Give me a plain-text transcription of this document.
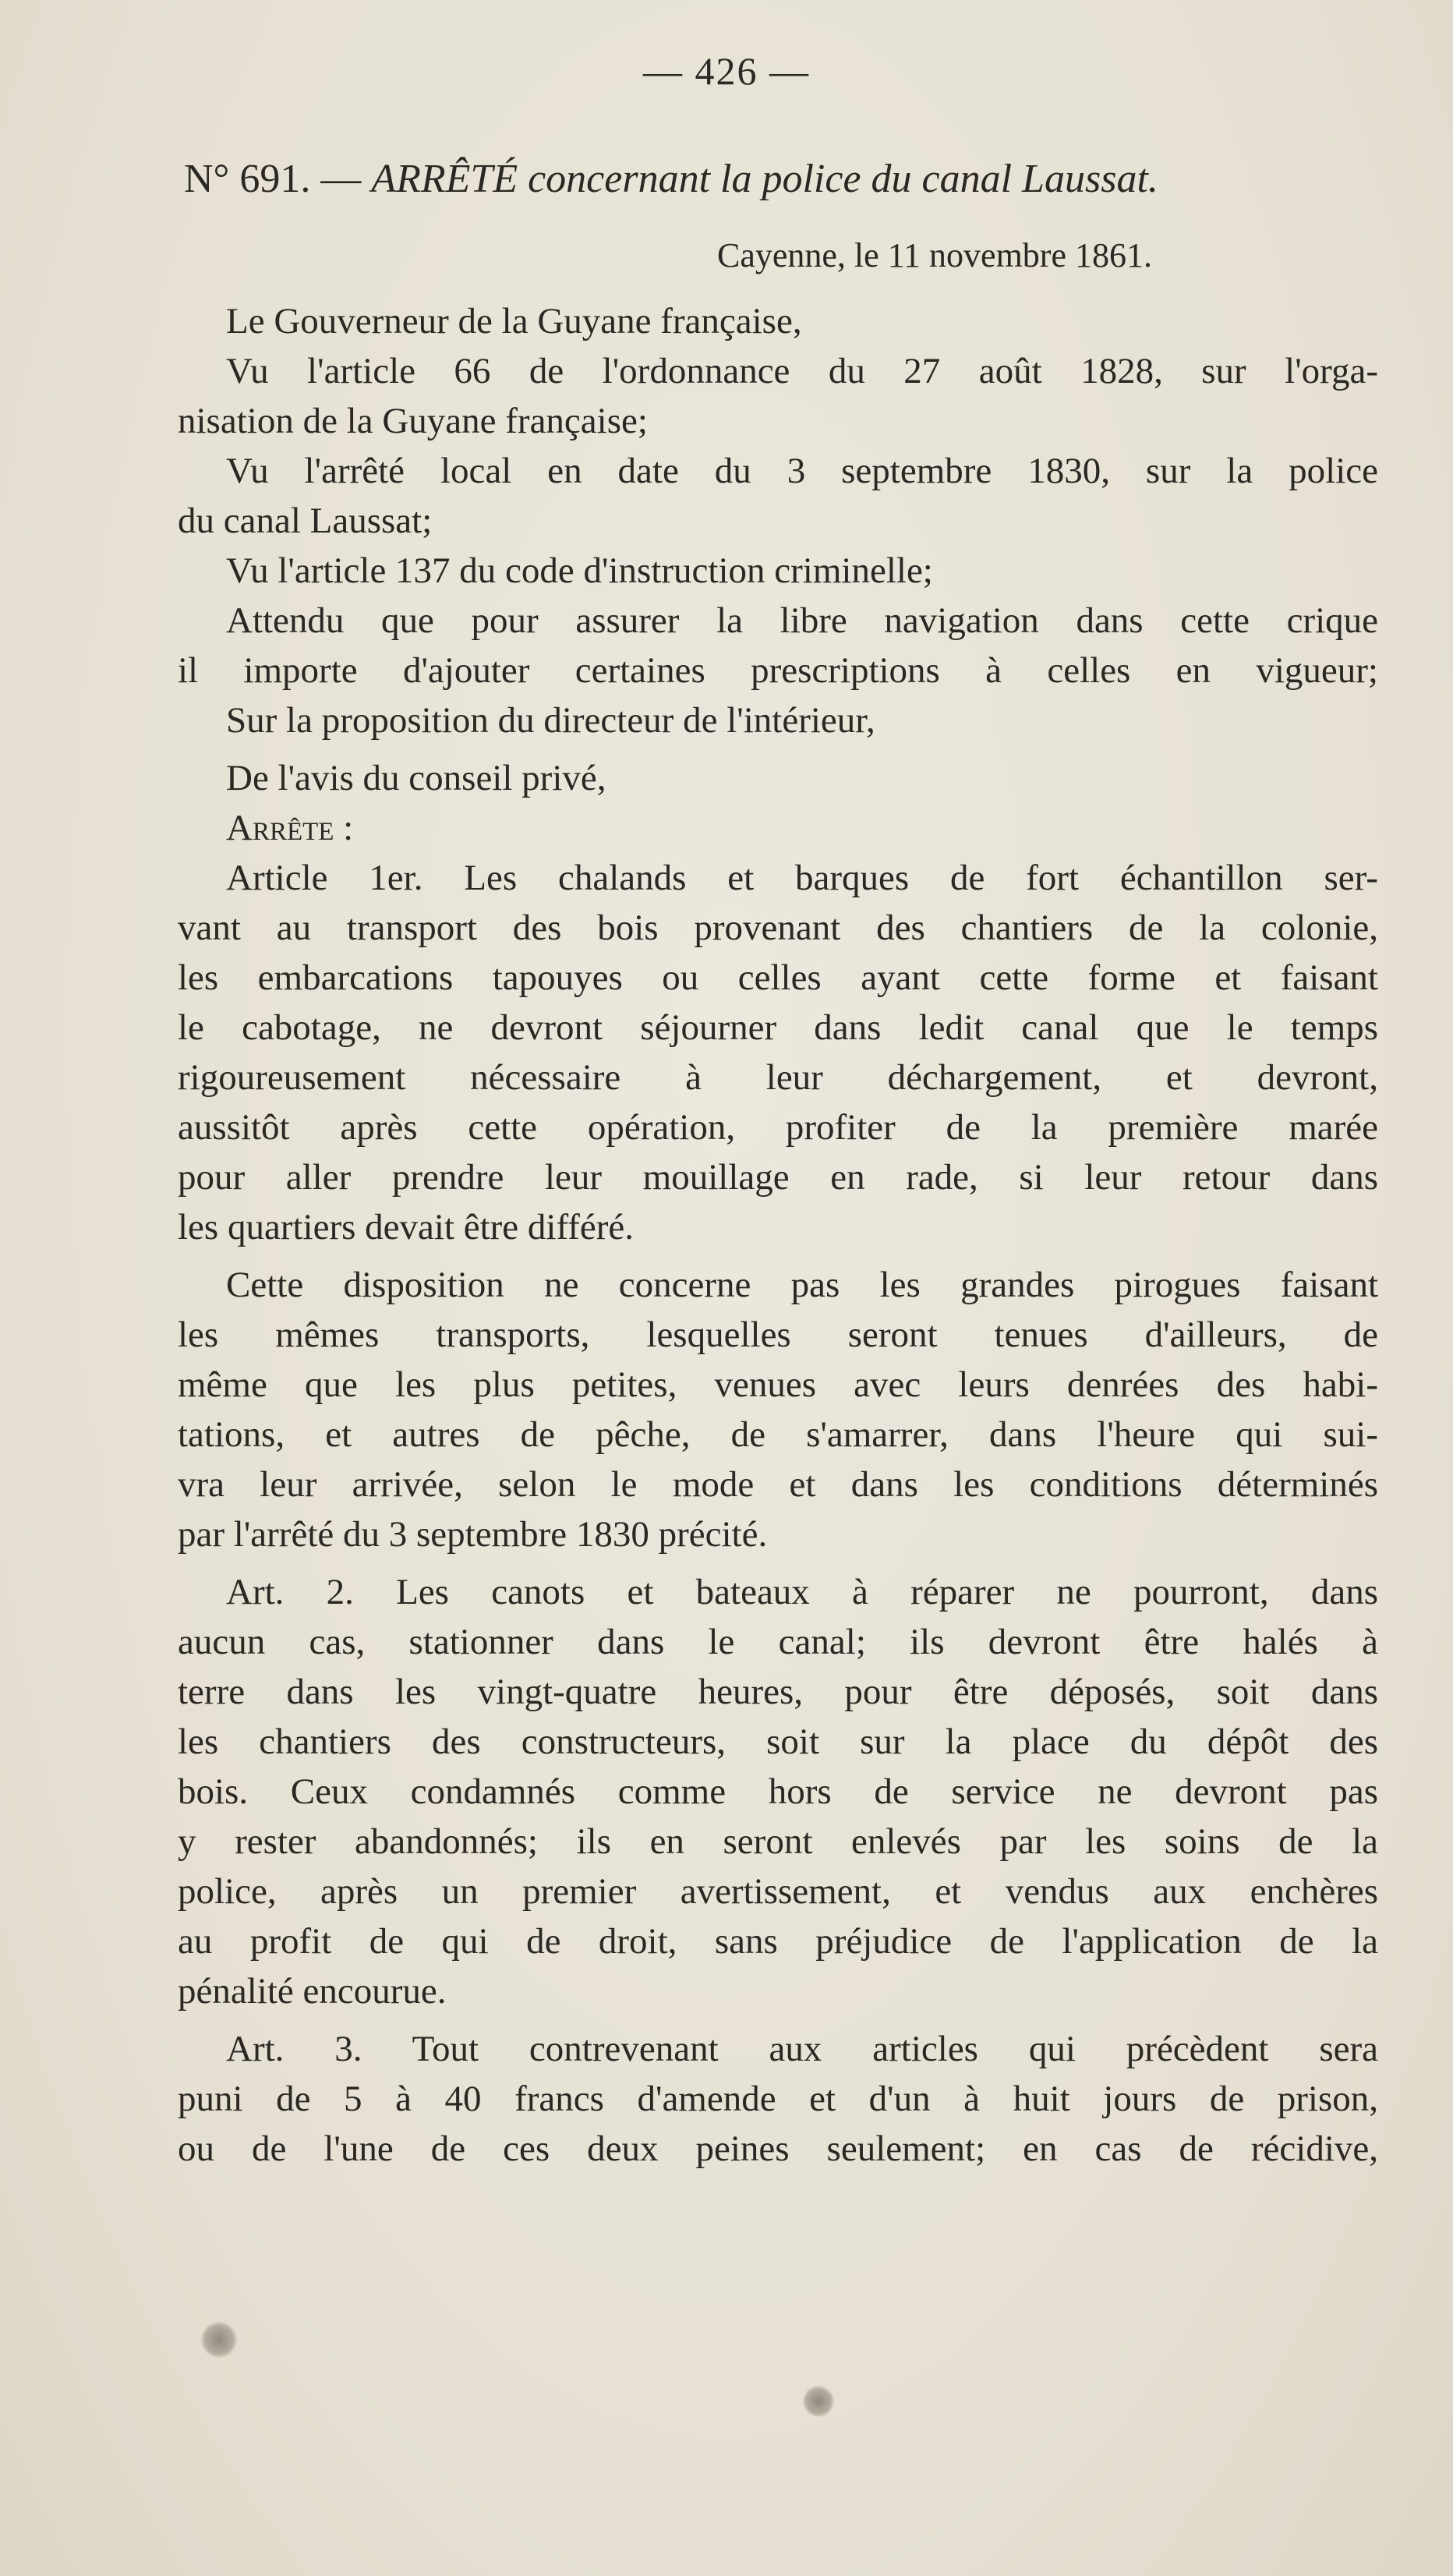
— 426 —
N° 691. — ARRÊTÉ concernant la police du canal Laussat.
Cayenne, le 11 novembre 1861.
Le Gouverneur de la Guyane française,
Vu l'article 66 de l'ordonnance du 27 août 1828, sur l'orga-
nisation de la Guyane française;
Vu l'arrêté local en date du 3 septembre 1830, sur la police
du canal Laussat;
Vu l'article 137 du code d'instruction criminelle;
Attendu que pour assurer la libre navigation dans cette crique
il importe d'ajouter certaines prescriptions à celles en vigueur;
Sur la proposition du directeur de l'intérieur,
De l'avis du conseil privé,
Arrête :
Article 1er. Les chalands et barques de fort échantillon ser-
vant au transport des bois provenant des chantiers de la colonie,
les embarcations tapouyes ou celles ayant cette forme et faisant
le cabotage, ne devront séjourner dans ledit canal que le temps
rigoureusement nécessaire à leur déchargement, et devront,
aussitôt après cette opération, profiter de la première marée
pour aller prendre leur mouillage en rade, si leur retour dans
les quartiers devait être différé.
Cette disposition ne concerne pas les grandes pirogues faisant
les mêmes transports, lesquelles seront tenues d'ailleurs, de
même que les plus petites, venues avec leurs denrées des habi-
tations, et autres de pêche, de s'amarrer, dans l'heure qui sui-
vra leur arrivée, selon le mode et dans les conditions déterminés
par l'arrêté du 3 septembre 1830 précité.
Art. 2. Les canots et bateaux à réparer ne pourront, dans
aucun cas, stationner dans le canal; ils devront être halés à
terre dans les vingt-quatre heures, pour être déposés, soit dans
les chantiers des constructeurs, soit sur la place du dépôt des
bois. Ceux condamnés comme hors de service ne devront pas
y rester abandonnés; ils en seront enlevés par les soins de la
police, après un premier avertissement, et vendus aux enchères
au profit de qui de droit, sans préjudice de l'application de la
pénalité encourue.
Art. 3. Tout contrevenant aux articles qui précèdent sera
puni de 5 à 40 francs d'amende et d'un à huit jours de prison,
ou de l'une de ces deux peines seulement; en cas de récidive,
